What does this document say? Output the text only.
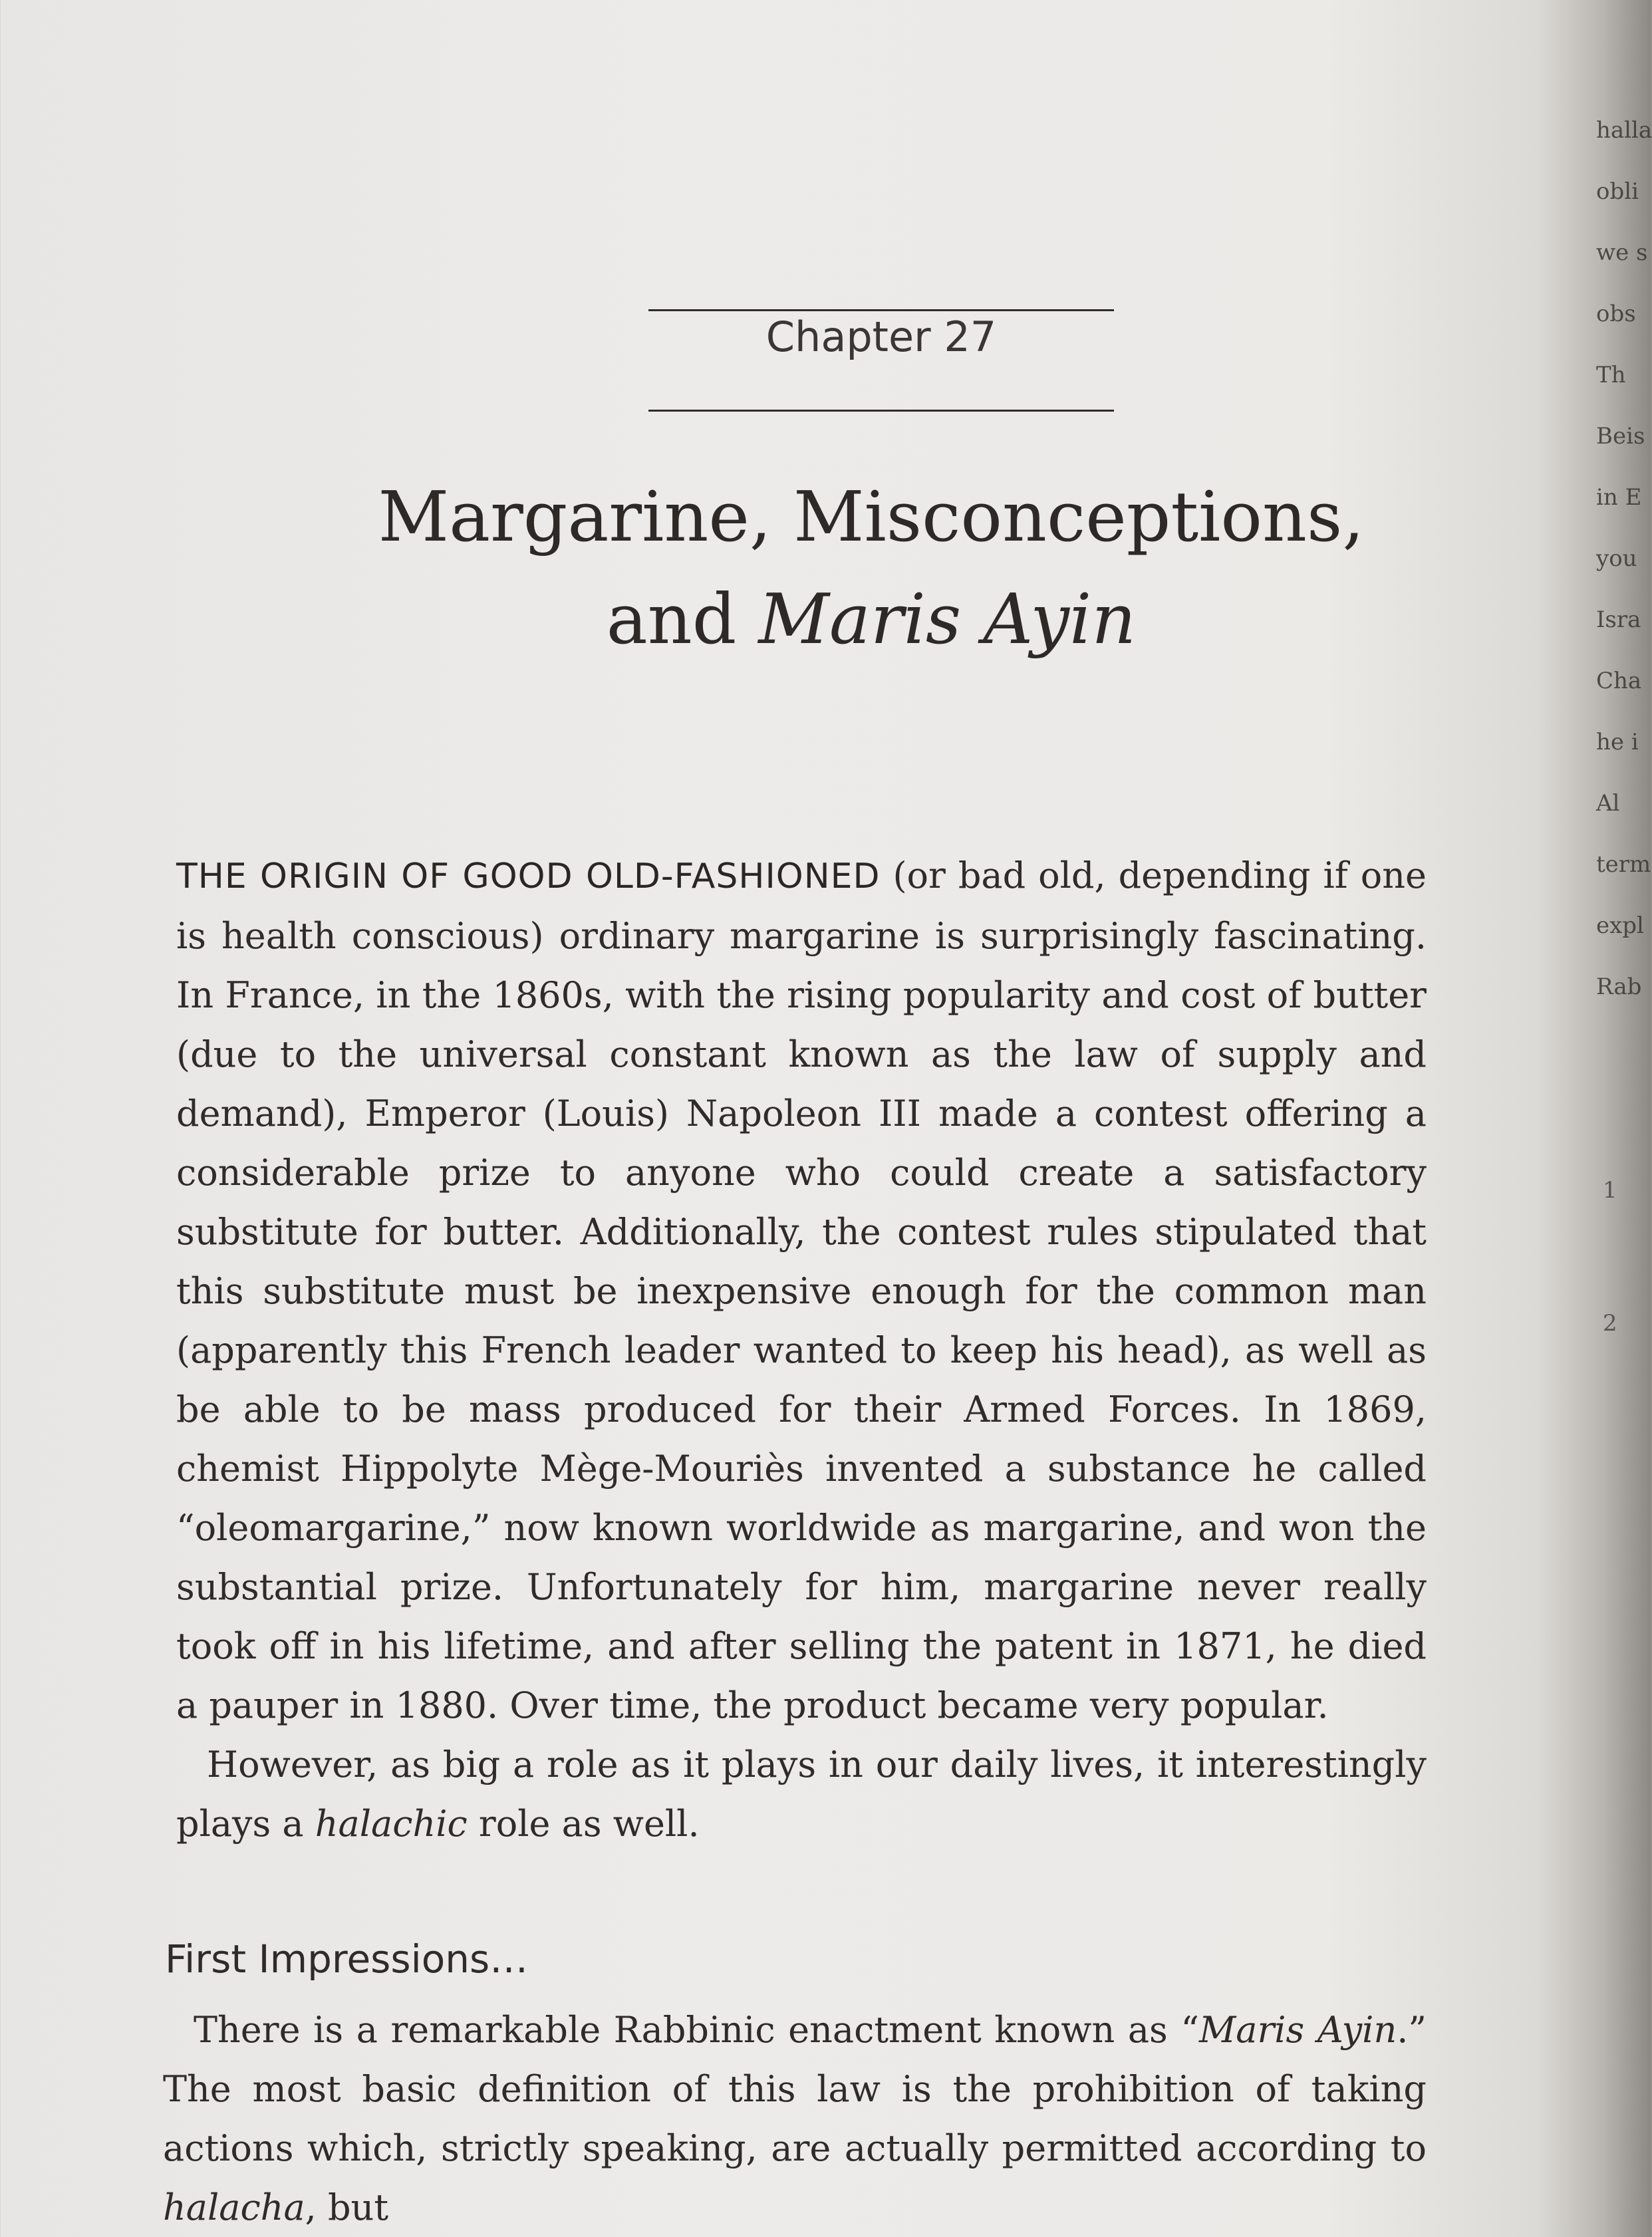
Chapter 27
Margarine, Misconceptions,
and Maris Ayin

THE ORIGIN OF GOOD OLD-FASHIONED (or bad old, depending if one is health conscious) ordinary margarine is surprisingly fascinating. In France, in the 1860s, with the rising popularity and cost of butter (due to the universal constant known as the law of supply and demand), Emperor (Louis) Napoleon III made a contest offering a considerable prize to anyone who could create a satisfactory substitute for butter. Additionally, the contest rules stipulated that this substitute must be inexpensive enough for the common man (apparently this French leader wanted to keep his head), as well as be able to be mass produced for their Armed Forces. In 1869, chemist Hippolyte Mège-Mouriès invented a substance he called “oleomargarine,” now known worldwide as margarine, and won the substantial prize. Unfortunately for him, margarine never really took off in his lifetime, and after selling the patent in 1871, he died a pauper in 1880. Over time, the product became very popular.

However, as big a role as it plays in our daily lives, it interestingly plays a halachic role as well.

First Impressions…

There is a remarkable Rabbinic enactment known as “Maris Ayin.” The most basic definition of this law is the prohibition of taking actions which, strictly speaking, are actually permitted according to halacha, but

halla
obli
we s
obs
Th
Beis
in E
you
Isra
Cha
he i
Al
term
expl
Rab
1
2
